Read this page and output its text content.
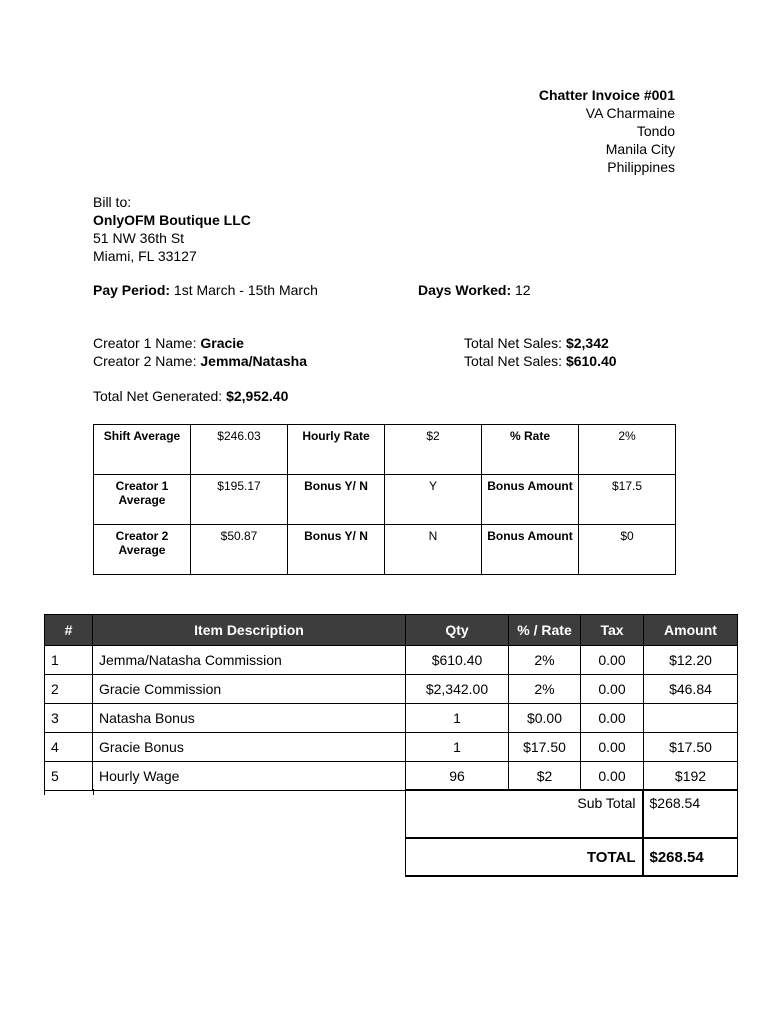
Chatter Invoice #001
VA Charmaine
Tondo
Manila City
Philippines
Bill to:
OnlyOFM Boutique LLC
51 NW 36th St
Miami, FL 33127
Pay Period: 1st March - 15th March	Days Worked: 12
Creator 1 Name: Gracie	Total Net Sales: $2,342
Creator 2 Name: Jemma/Natasha	Total Net Sales: $610.40
Total Net Generated: $2,952.40
Shift Average	$246.03	Hourly Rate	$2	% Rate	2%
Creator 1 Average	$195.17	Bonus Y/ N	Y	Bonus Amount	$17.5
Creator 2 Average	$50.87	Bonus Y/ N	N	Bonus Amount	$0
#	Item Description	Qty	% / Rate	Tax	Amount
1	Jemma/Natasha Commission	$610.40	2%	0.00	$12.20
2	Gracie Commission	$2,342.00	2%	0.00	$46.84
3	Natasha Bonus	1	$0.00	0.00	
4	Gracie Bonus	1	$17.50	0.00	$17.50
5	Hourly Wage	96	$2	0.00	$192
Sub Total	$268.54
TOTAL	$268.54
